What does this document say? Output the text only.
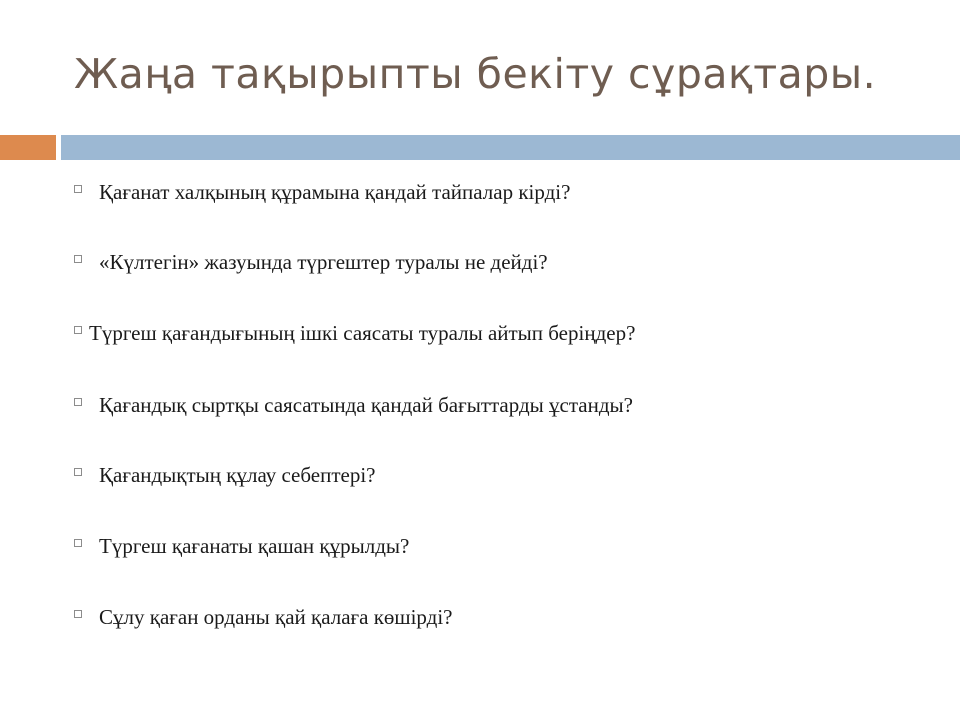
Жаңа тақырыпты бекіту сұрақтары.
Қағанат халқының құрамына қандай тайпалар кірді?
«Күлтегін» жазуында түргештер туралы не дейді?
Түргеш қағандығының ішкі саясаты туралы айтып беріңдер?
Қағандық сыртқы саясатында қандай бағыттарды ұстанды?
Қағандықтың құлау себептері?
Түргеш қағанаты қашан құрылды?
Сұлу қаған орданы қай қалаға көшірді?
